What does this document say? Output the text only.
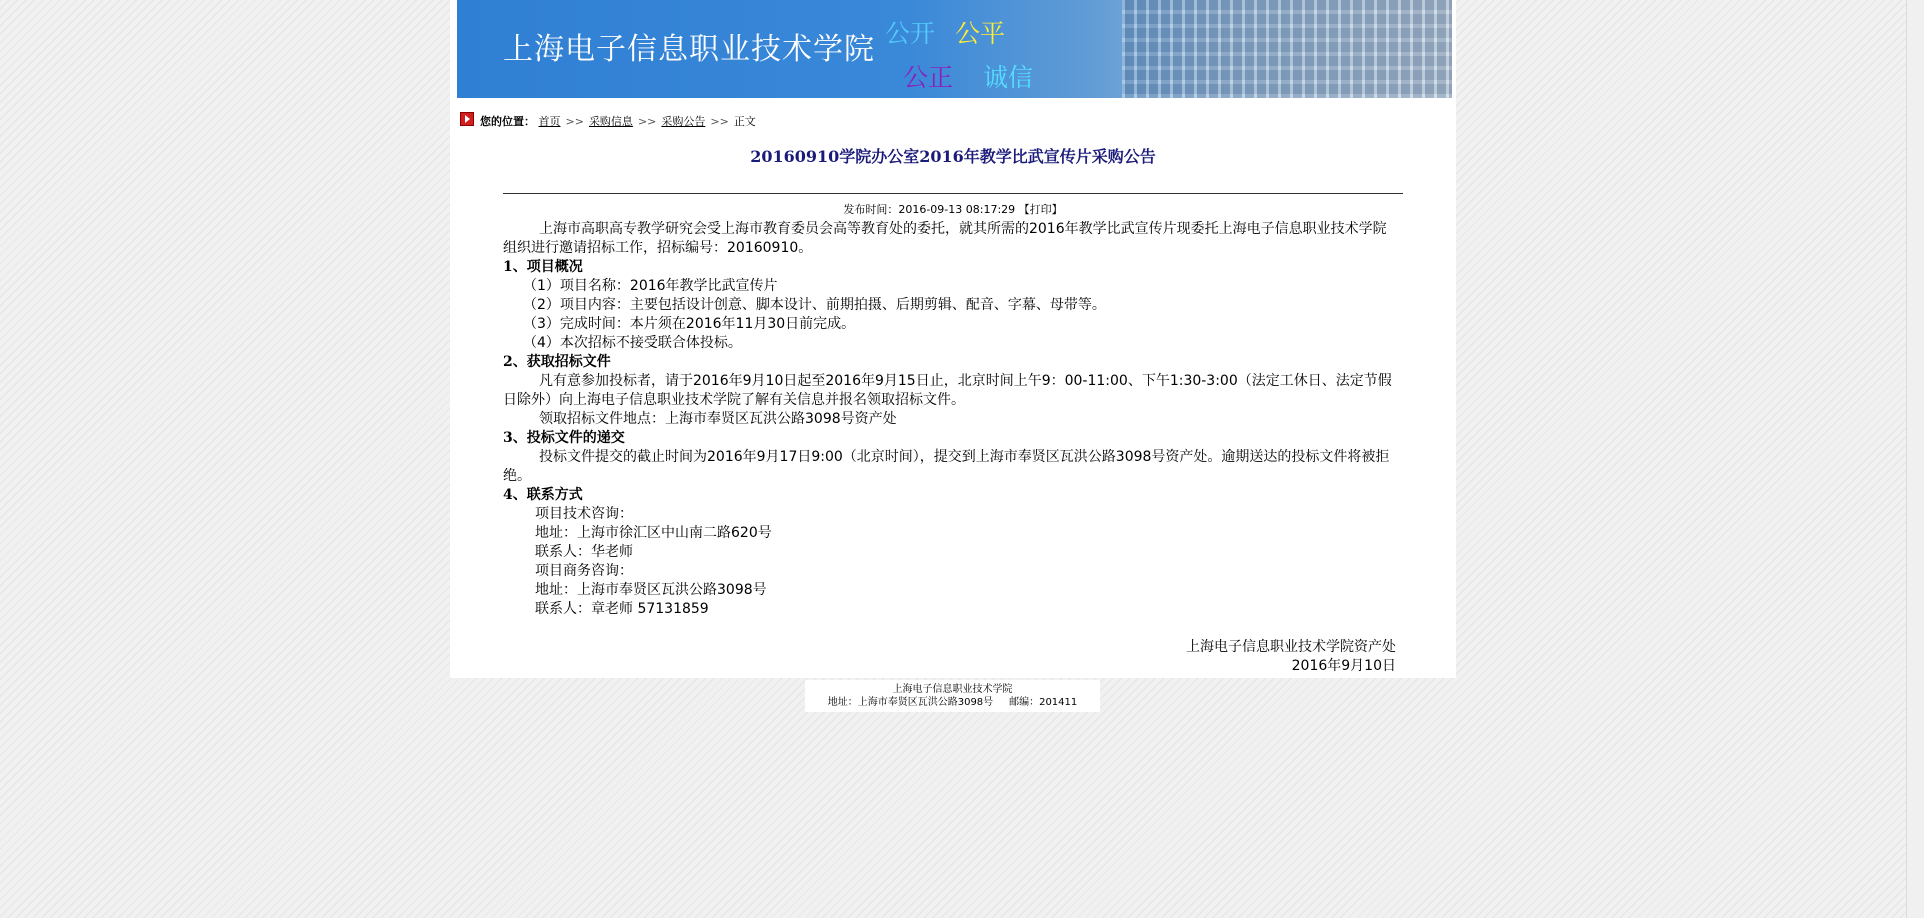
上海电子信息职业技术学院 公开 公平
公正 诚信
您的位置： 首页 >> 采购信息 >> 采购公告 >> 正文
20160910学院办公室2016年教学比武宣传片采购公告
发布时间：2016-09-13 08:17:29 【打印】

上海市高职高专教学研究会受上海市教育委员会高等教育处的委托，就其所需的2016年教学比武宣传片现委托上海电子信息职业技术学院组织进行邀请招标工作，招标编号：20160910。

1、项目概况

（1）项目名称：2016年教学比武宣传片

（2）项目内容：主要包括设计创意、脚本设计、前期拍摄、后期剪辑、配音、字幕、母带等。

（3）完成时间：本片须在2016年11月30日前完成。

（4）本次招标不接受联合体投标。

2、获取招标文件

凡有意参加投标者，请于2016年9月10日起至2016年9月15日止，北京时间上午9：00-11:00、下午1:30-3:00（法定工休日、法定节假日除外）向上海电子信息职业技术学院了解有关信息并报名领取招标文件。

领取招标文件地点：上海市奉贤区瓦洪公路3098号资产处

3、投标文件的递交

投标文件提交的截止时间为2016年9月17日9:00（北京时间），提交到上海市奉贤区瓦洪公路3098号资产处。逾期送达的投标文件将被拒绝。

4、联系方式

项目技术咨询：

地址：上海市徐汇区中山南二路620号

联系人：华老师

项目商务咨询：

地址：上海市奉贤区瓦洪公路3098号

联系人：章老师 57131859

上海电子信息职业技术学院资产处
2016年9月10日
上海电子信息职业技术学院
地址：上海市奉贤区瓦洪公路3098号 邮编：201411
